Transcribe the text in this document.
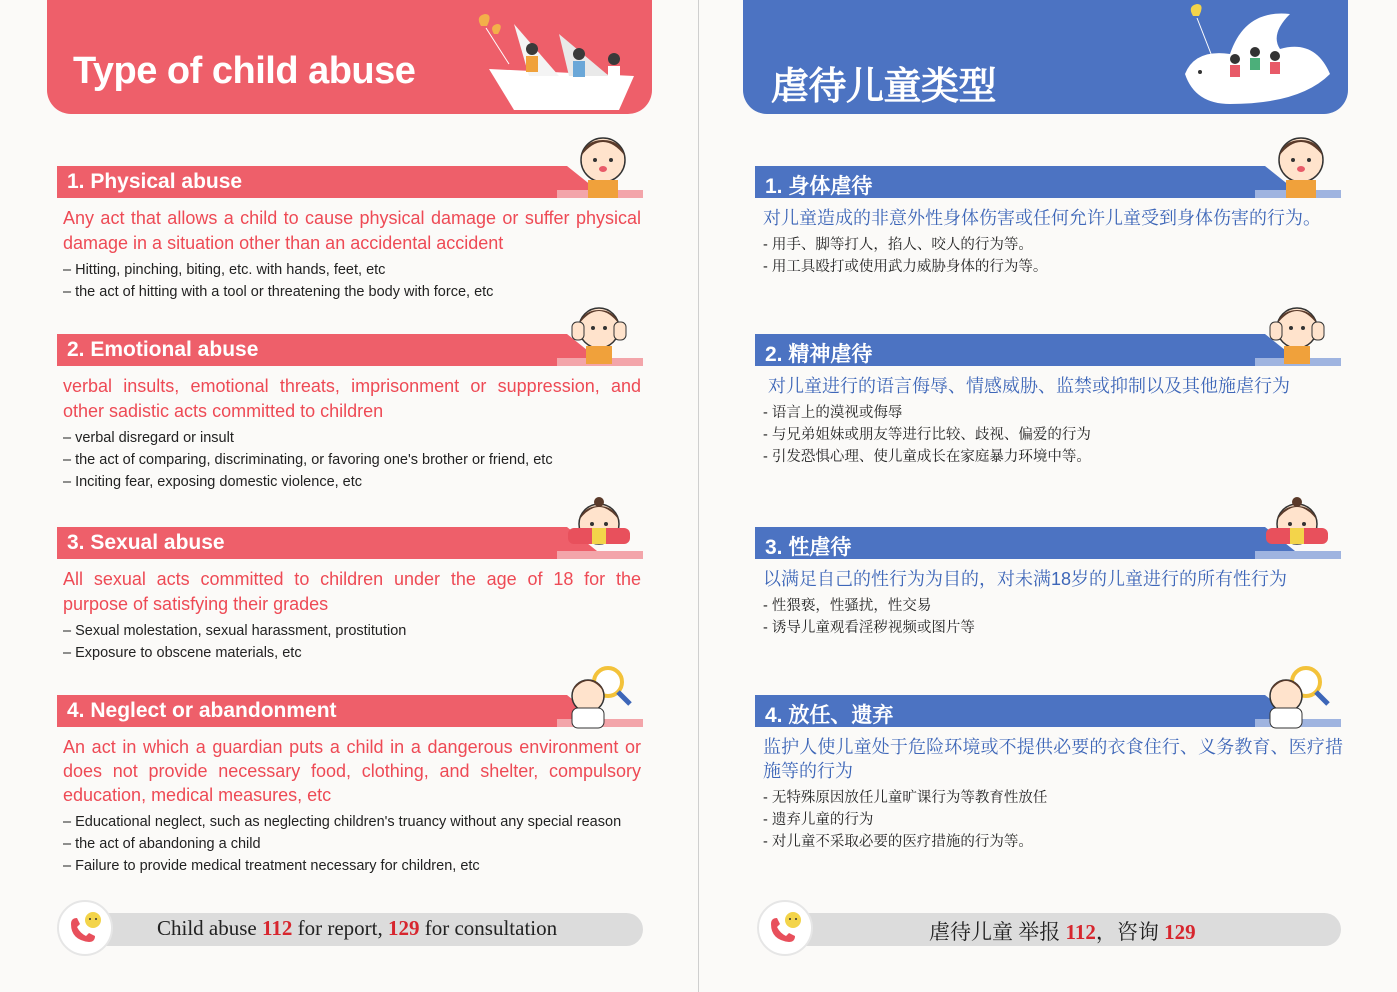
Type of child abuse	虐待儿童类型
1. Physical abuse
Any act that allows a child to cause physical damage or suffer physical damage in a situation other than an accidental accident
– Hitting, pinching, biting, etc. with hands, feet, etc
– the act of hitting with a tool or threatening the body with force, etc
2. Emotional abuse
verbal insults, emotional threats, imprisonment or suppression, and other sadistic acts committed to children
– verbal disregard or insult
– the act of comparing, discriminating, or favoring one's brother or friend, etc
– Inciting fear, exposing domestic violence, etc
3. Sexual abuse
All sexual acts committed to children under the age of 18 for the purpose of satisfying their grades
– Sexual molestation, sexual harassment, prostitution
– Exposure to obscene materials, etc
4. Neglect or abandonment
An act in which a guardian puts a child in a dangerous environment or does not provide necessary food, clothing, and shelter, compulsory education, medical measures, etc
– Educational neglect, such as neglecting children's truancy without any special reason
– the act of abandoning a child
– Failure to provide medical treatment necessary for children, etc
Child abuse 112 for report, 129 for consultation
1. 身体虐待
对儿童造成的非意外性身体伤害或任何允许儿童受到身体伤害的行为。
- 用手、脚等打人，掐人、咬人的行为等。
- 用工具殴打或使用武力威胁身体的行为等。
2. 精神虐待
对儿童进行的语言侮辱、情感威胁、监禁或抑制以及其他施虐行为
- 语言上的漠视或侮辱
- 与兄弟姐妹或朋友等进行比较、歧视、偏爱的行为
- 引发恐惧心理、使儿童成长在家庭暴力环境中等。
3. 性虐待
以满足自己的性行为为目的，对未满18岁的儿童进行的所有性行为
- 性猥亵，性骚扰，性交易
- 诱导儿童观看淫秽视频或图片等
4. 放任、遗弃
监护人使儿童处于危险环境或不提供必要的衣食住行、义务教育、医疗措施等的行为
- 无特殊原因放任儿童旷课行为等教育性放任
- 遗弃儿童的行为
- 对儿童不采取必要的医疗措施的行为等。
虐待儿童 举报 112，咨询 129
